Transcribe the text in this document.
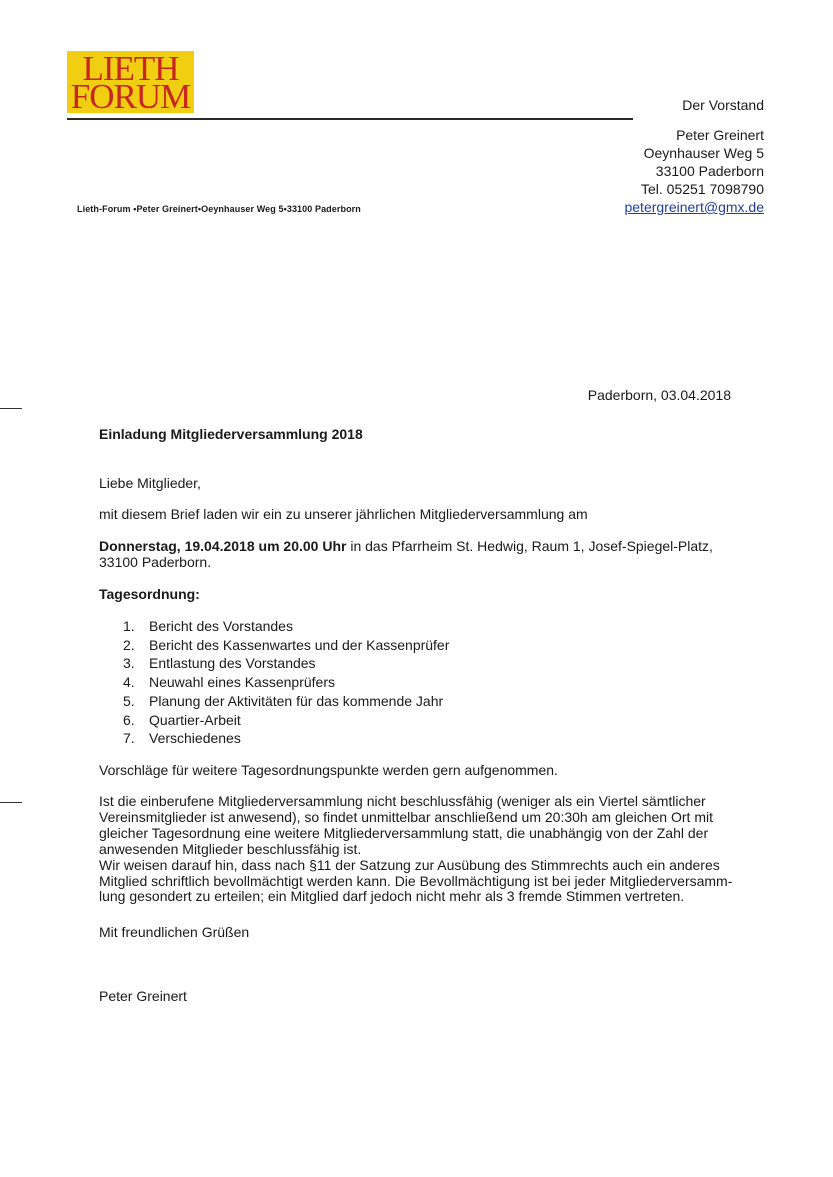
LIETH
FORUM	Der Vorstand
Peter Greinert
Oeynhauser Weg 5
33100 Paderborn
Tel. 05251 7098790
petergreinert@gmx.de
Lieth-Forum •Peter Greinert•Oeynhauser Weg 5•33100 Paderborn
Paderborn, 03.04.2018
Einladung Mitgliederversammlung 2018
Liebe Mitglieder,
mit diesem Brief laden wir ein zu unserer jährlichen Mitgliederversammlung am
Donnerstag, 19.04.2018 um 20.00 Uhr in das Pfarrheim St. Hedwig, Raum 1, Josef-Spiegel-Platz,
33100 Paderborn.
Tagesordnung:
1. Bericht des Vorstandes
2. Bericht des Kassenwartes und der Kassenprüfer
3. Entlastung des Vorstandes
4. Neuwahl eines Kassenprüfers
5. Planung der Aktivitäten für das kommende Jahr
6. Quartier-Arbeit
7. Verschiedenes
Vorschläge für weitere Tagesordnungspunkte werden gern aufgenommen.
Ist die einberufene Mitgliederversammlung nicht beschlussfähig (weniger als ein Viertel sämtlicher
Vereinsmitglieder ist anwesend), so findet unmittelbar anschließend um 20:30h am gleichen Ort mit
gleicher Tagesordnung eine weitere Mitgliederversammlung statt, die unabhängig von der Zahl der
anwesenden Mitglieder beschlussfähig ist.
Wir weisen darauf hin, dass nach §11 der Satzung zur Ausübung des Stimmrechts auch ein anderes
Mitglied schriftlich bevollmächtigt werden kann. Die Bevollmächtigung ist bei jeder Mitgliederversamm-
lung gesondert zu erteilen; ein Mitglied darf jedoch nicht mehr als 3 fremde Stimmen vertreten.
Mit freundlichen Grüßen
Peter Greinert
